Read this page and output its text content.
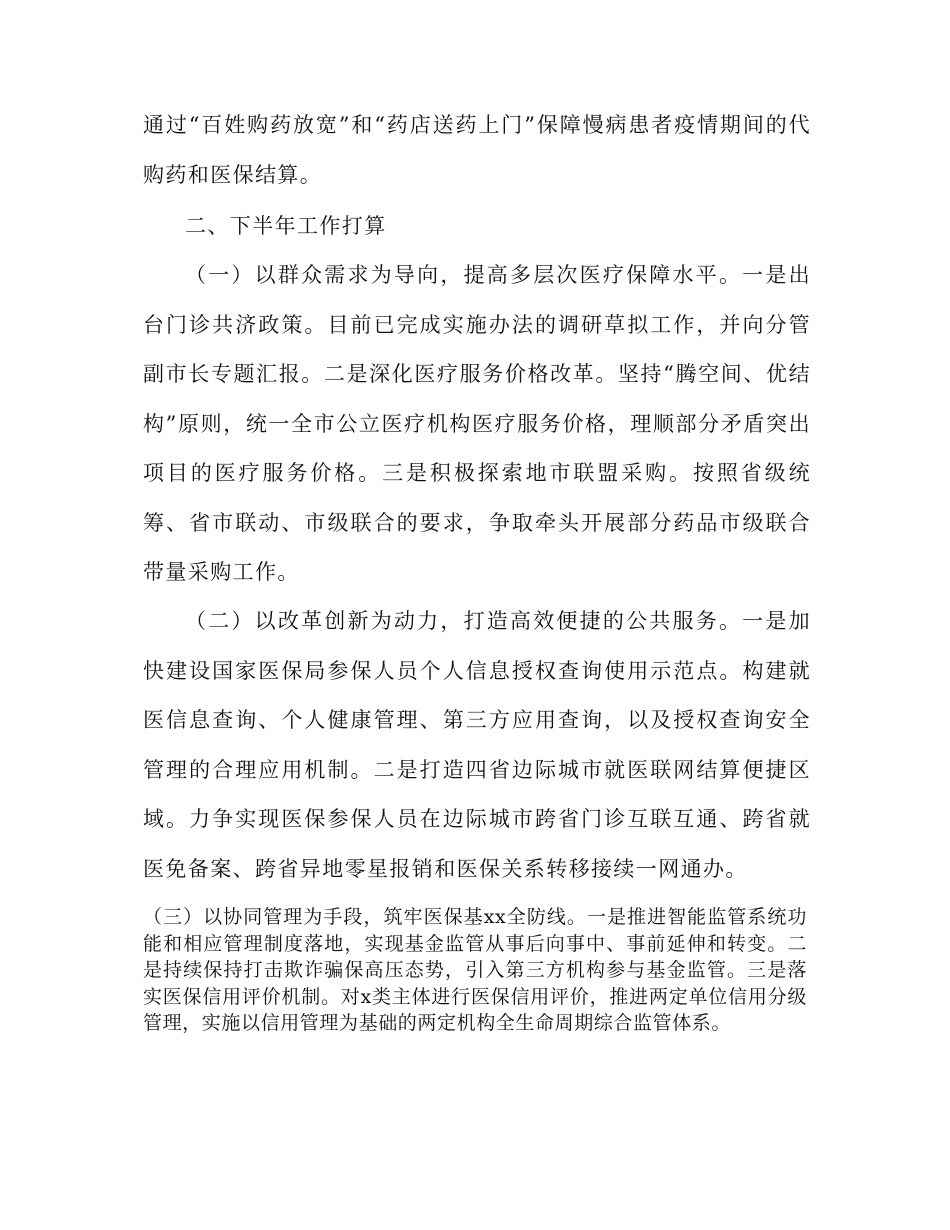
通过“百姓购药放宽”和“药店送药上门”保障慢病患者疫情期间的代购药和医保结算。

二、下半年工作打算

（一）以群众需求为导向，提高多层次医疗保障水平。一是出台门诊共济政策。目前已完成实施办法的调研草拟工作，并向分管副市长专题汇报。二是深化医疗服务价格改革。坚持“腾空间、优结构”原则，统一全市公立医疗机构医疗服务价格，理顺部分矛盾突出项目的医疗服务价格。三是积极探索地市联盟采购。按照省级统筹、省市联动、市级联合的要求，争取牵头开展部分药品市级联合带量采购工作。

（二）以改革创新为动力，打造高效便捷的公共服务。一是加快建设国家医保局参保人员个人信息授权查询使用示范点。构建就医信息查询、个人健康管理、第三方应用查询，以及授权查询安全管理的合理应用机制。二是打造四省边际城市就医联网结算便捷区域。力争实现医保参保人员在边际城市跨省门诊互联互通、跨省就医免备案、跨省异地零星报销和医保关系转移接续一网通办。

（三）以协同管理为手段，筑牢医保基xx全防线。一是推进智能监管系统功能和相应管理制度落地，实现基金监管从事后向事中、事前延伸和转变。二是持续保持打击欺诈骗保高压态势，引入第三方机构参与基金监管。三是落实医保信用评价机制。对x类主体进行医保信用评价，推进两定单位信用分级管理，实施以信用管理为基础的两定机构全生命周期综合监管体系。
